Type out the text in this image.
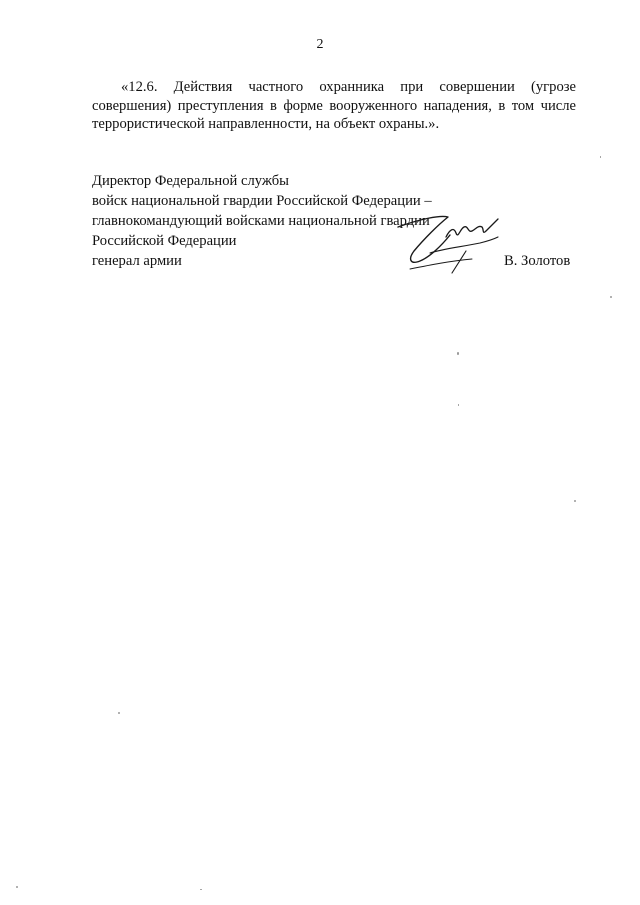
2

«12.6. Действия частного охранника при совершении (угрозе совершения) преступления в форме вооруженного нападения, в том числе террористической направленности, на объект охраны.».

Директор Федеральной службы
войск национальной гвардии Российской Федерации –
главнокомандующий войсками национальной гвардии
Российской Федерации
генерал армии	В. Золотов
